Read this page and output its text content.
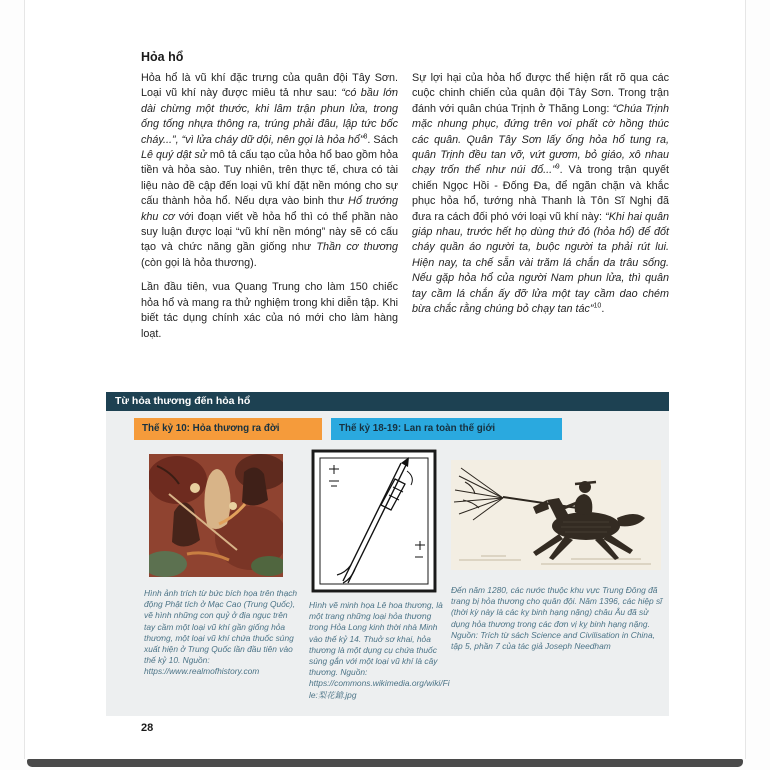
Hỏa hổ

Hỏa hổ là vũ khí đặc trưng của quân đội Tây Sơn. Loại vũ khí này được miêu tả như sau: “có bầu lớn dài chừng một thước, khi lâm trận phun lửa, trong ống tống nhựa thông ra, trúng phải đâu, lập tức bốc cháy...”, “vì lửa cháy dữ dội, nên gọi là hỏa hổ”$^8$. Sách Lê quý dật sử mô tả cấu tạo của hỏa hổ bao gồm hỏa tiền và hỏa sào. Tuy nhiên, trên thực tế, chưa có tài liệu nào đề cập đến loại vũ khí đặt nền móng cho sự cấu thành hỏa hổ. Nếu dựa vào binh thư Hổ trướng khu cơ với đoạn viết về hỏa hổ thì có thể phần nào suy luận được loại “vũ khí nền móng” này sẽ có cấu tạo và chức năng gần giống như Thần cơ thương (còn gọi là hỏa thương).

Lần đầu tiên, vua Quang Trung cho làm 150 chiếc hỏa hổ và mang ra thử nghiệm trong khi diễn tập. Khi biết tác dụng chính xác của nó mới cho làm hàng loạt.

Sự lợi hại của hỏa hổ được thể hiện rất rõ qua các cuộc chinh chiến của quân đội Tây Sơn. Trong trận đánh với quân chúa Trịnh ở Thăng Long: “Chúa Trịnh mặc nhung phục, đứng trên voi phất cờ hồng thúc các quân. Quân Tây Sơn lấy ống hỏa hổ tung ra, quân Trịnh đều tan vỡ, vứt gươm, bỏ giáo, xô nhau chạy trốn thể như núi đổ...”$^9$. Và trong trận quyết chiến Ngọc Hồi - Đống Đa, để ngăn chặn và khắc phục hỏa hổ, tướng nhà Thanh là Tôn Sĩ Nghị đã đưa ra cách đối phó với loại vũ khí này: “Khi hai quân giáp nhau, trước hết họ dùng thứ đó (hỏa hổ) để đốt cháy quần áo người ta, buộc người ta phải rút lui. Hiện nay, ta chế sẵn vài trăm lá chắn da trâu sống. Nếu gặp hỏa hổ của người Nam phun lửa, thì quân tay cầm lá chắn ấy đỡ lửa một tay cầm dao chém bừa chắc rằng chúng bỏ chạy tan tác”$^{10}$.

Từ hỏa thương đến hỏa hổ
Thế kỷ 10: Hỏa thương ra đời	Thế kỷ 18-19: Lan ra toàn thế giới

Hình ảnh trích từ bức bích họa trên thạch động Phật tích ở Mạc Cao (Trung Quốc), vẽ hình những con quỷ ở địa ngục trên tay cầm một loại vũ khí gần giống hỏa thương, một loại vũ khí chứa thuốc súng xuất hiện ở Trung Quốc lần đầu tiên vào thế kỷ 10. Nguồn: https://www.realmofhistory.com

Hình vẽ minh họa Lê hoa thương, là một trang những loại hỏa thương trong Hỏa Long kinh thời nhà Minh vào thế kỷ 14. Thuở sơ khai, hỏa thương là một dụng cụ chứa thuốc súng gắn với một loại vũ khí là cây thương. Nguồn: https://commons.wikimedia.org/wiki/File:梨花鎗.jpg

Đến năm 1280, các nước thuộc khu vực Trung Đông đã trang bị hỏa thương cho quân đội. Năm 1396, các hiệp sĩ (thời kỳ này là các kỵ binh hạng nặng) châu Âu đã sử dụng hỏa thương trong các đơn vị kỵ binh hạng nặng. Nguồn: Trích từ sách Science and Civilisation in China, tập 5, phần 7 của tác giả Joseph Needham

28
